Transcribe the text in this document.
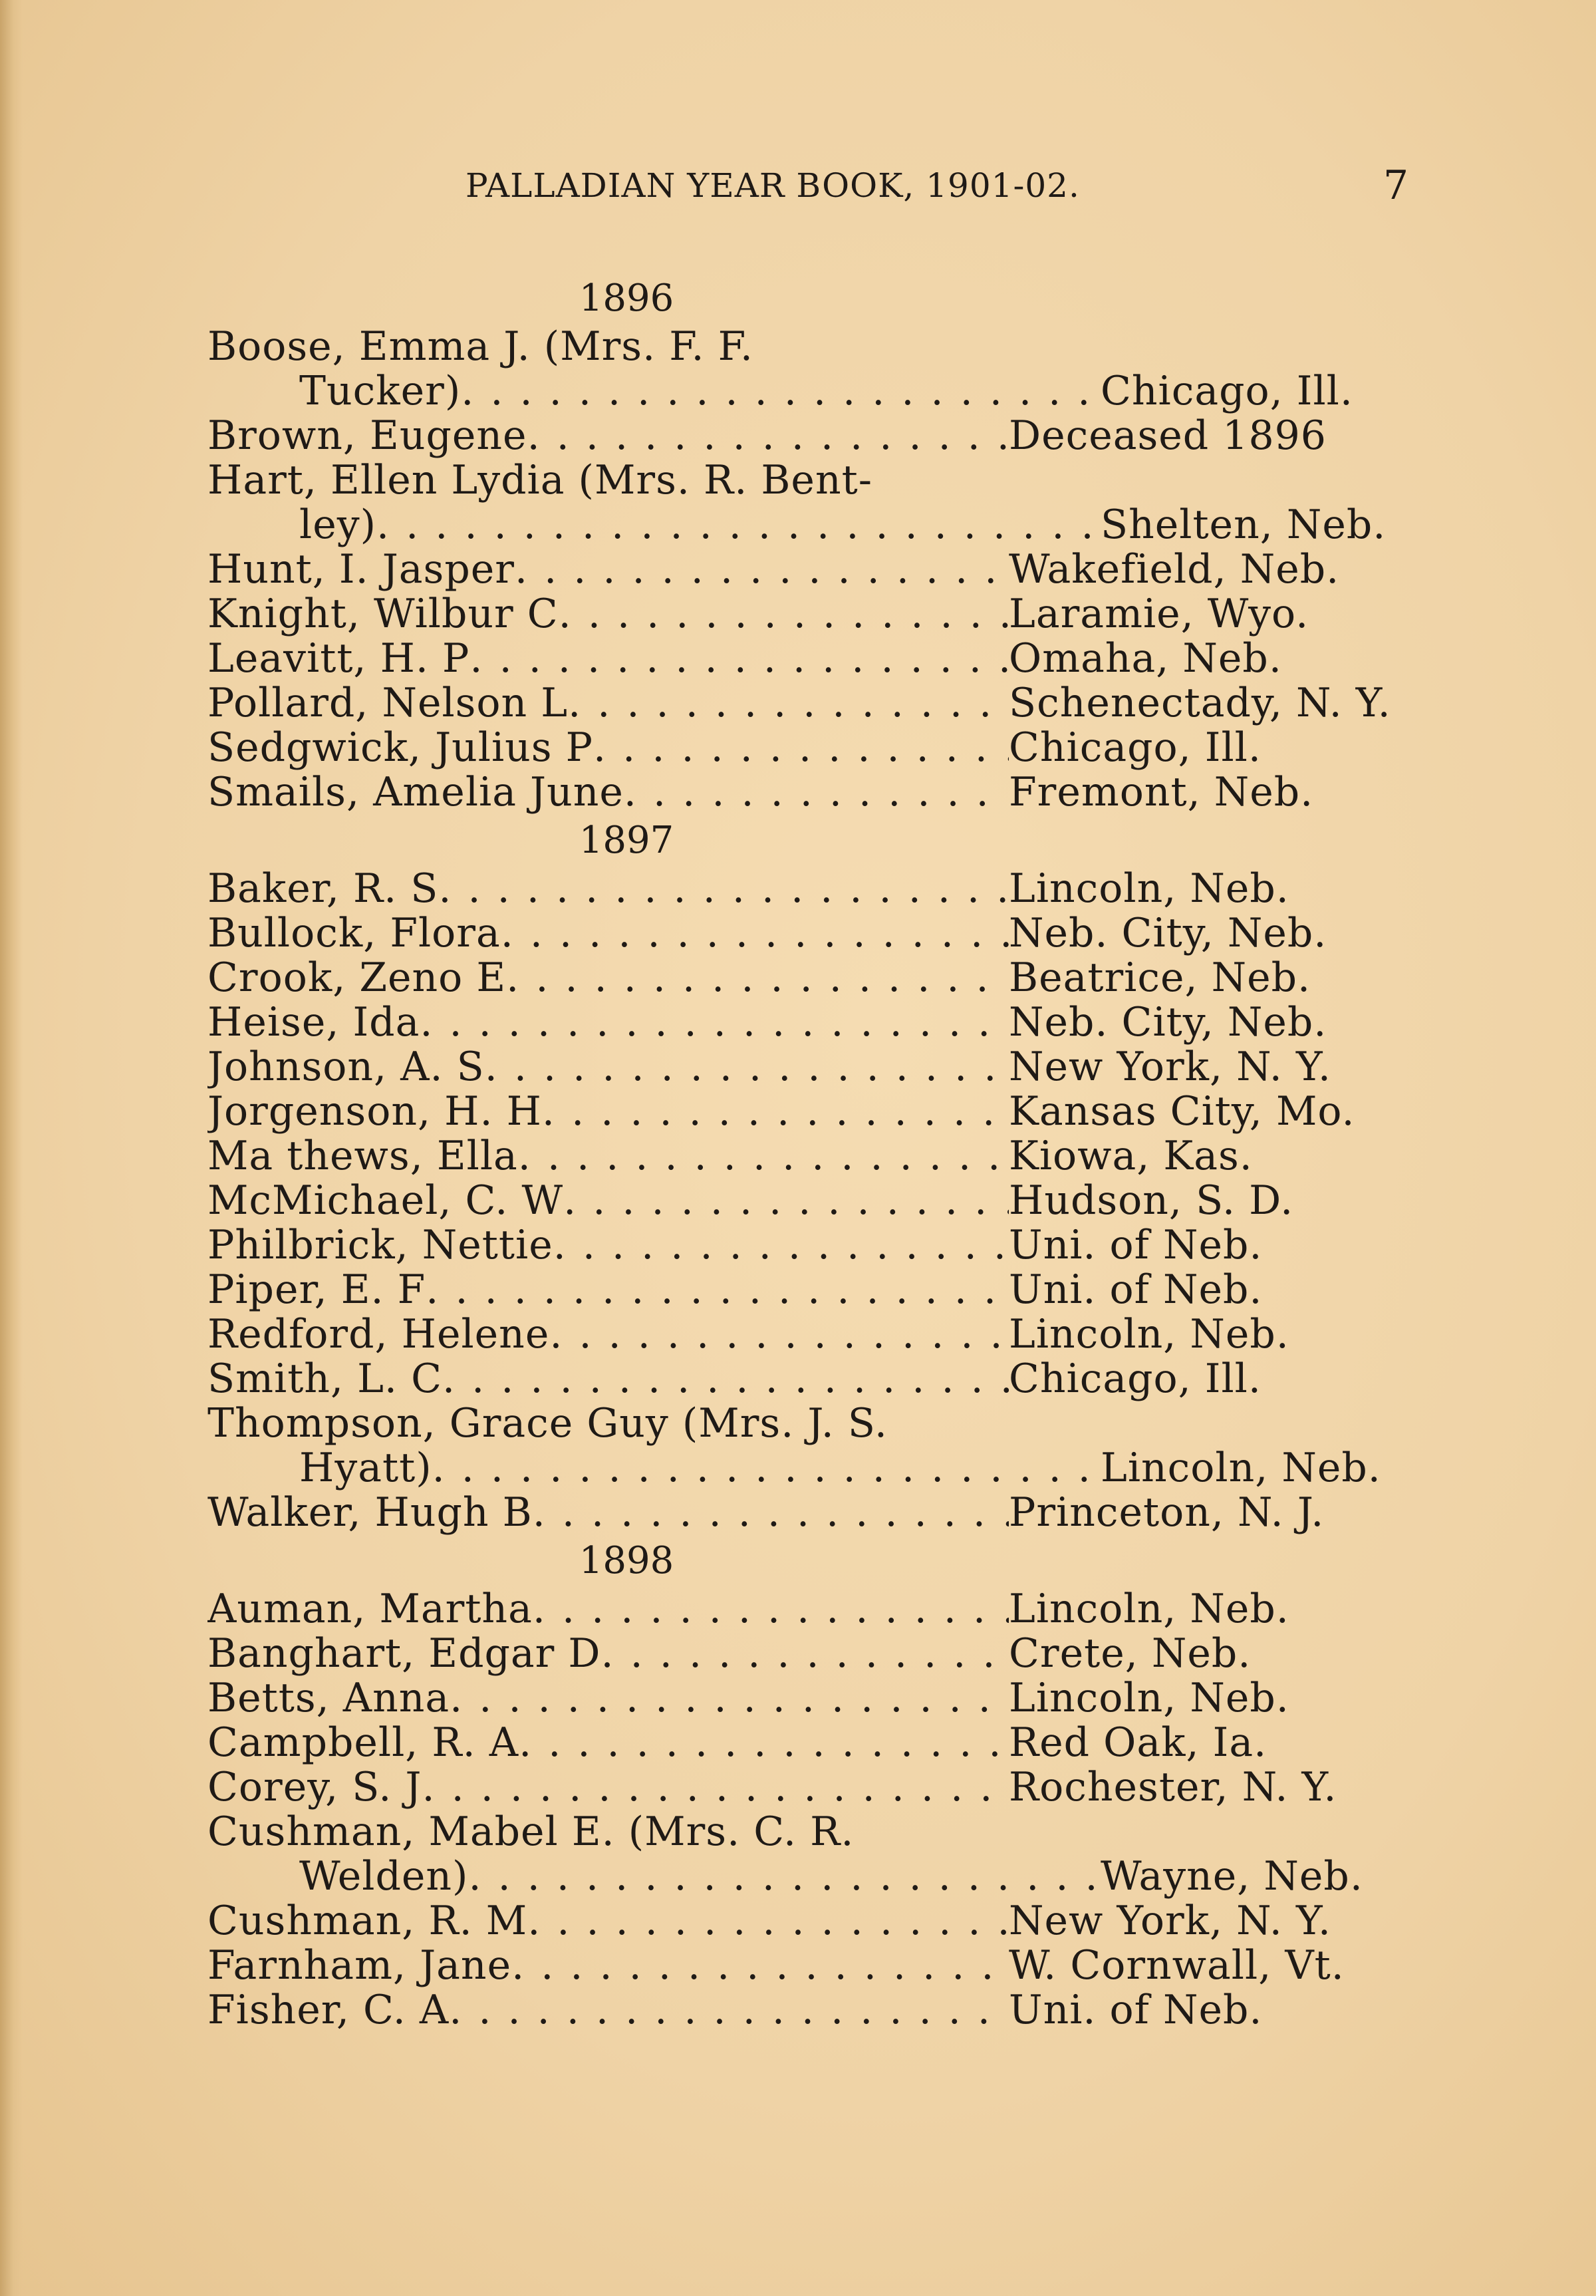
PALLADIAN YEAR BOOK, 1901-02.	7
1896
Boose, Emma J. (Mrs. F. F.
Tucker) . . .	Chicago, Ill.
Brown, Eugene . . .	Deceased 1896
Hart, Ellen Lydia (Mrs. R. Bent-
ley) . . .	Shelten, Neb.
Hunt, I. Jasper . . .	Wakefield, Neb.
Knight, Wilbur C . . .	Laramie, Wyo.
Leavitt, H. P . . .	Omaha, Neb.
Pollard, Nelson L . . .	Schenectady, N. Y.
Sedgwick, Julius P . . .	Chicago, Ill.
Smails, Amelia June . . .	Fremont, Neb.
1897
Baker, R. S . . .	Lincoln, Neb.
Bullock, Flora . . .	Neb. City, Neb.
Crook, Zeno E . . .	Beatrice, Neb.
Heise, Ida . . .	Neb. City, Neb.
Johnson, A. S . . .	New York, N. Y.
Jorgenson, H. H . . .	Kansas City, Mo.
Ma thews, Ella . . .	Kiowa, Kas.
McMichael, C. W . . .	Hudson, S. D.
Philbrick, Nettie . . .	Uni. of Neb.
Piper, E. F . . .	Uni. of Neb.
Redford, Helene . . .	Lincoln, Neb.
Smith, L. C . . .	Chicago, Ill.
Thompson, Grace Guy (Mrs. J. S.
Hyatt) . . .	Lincoln, Neb.
Walker, Hugh B . . .	Princeton, N. J.
1898
Auman, Martha . . .	Lincoln, Neb.
Banghart, Edgar D . . .	Crete, Neb.
Betts, Anna . . .	Lincoln, Neb.
Campbell, R. A . . .	Red Oak, Ia.
Corey, S. J . . .	Rochester, N. Y.
Cushman, Mabel E. (Mrs. C. R.
Welden) . . .	Wayne, Neb.
Cushman, R. M . . .	New York, N. Y.
Farnham, Jane . . .	W. Cornwall, Vt.
Fisher, C. A . . .	Uni. of Neb.
